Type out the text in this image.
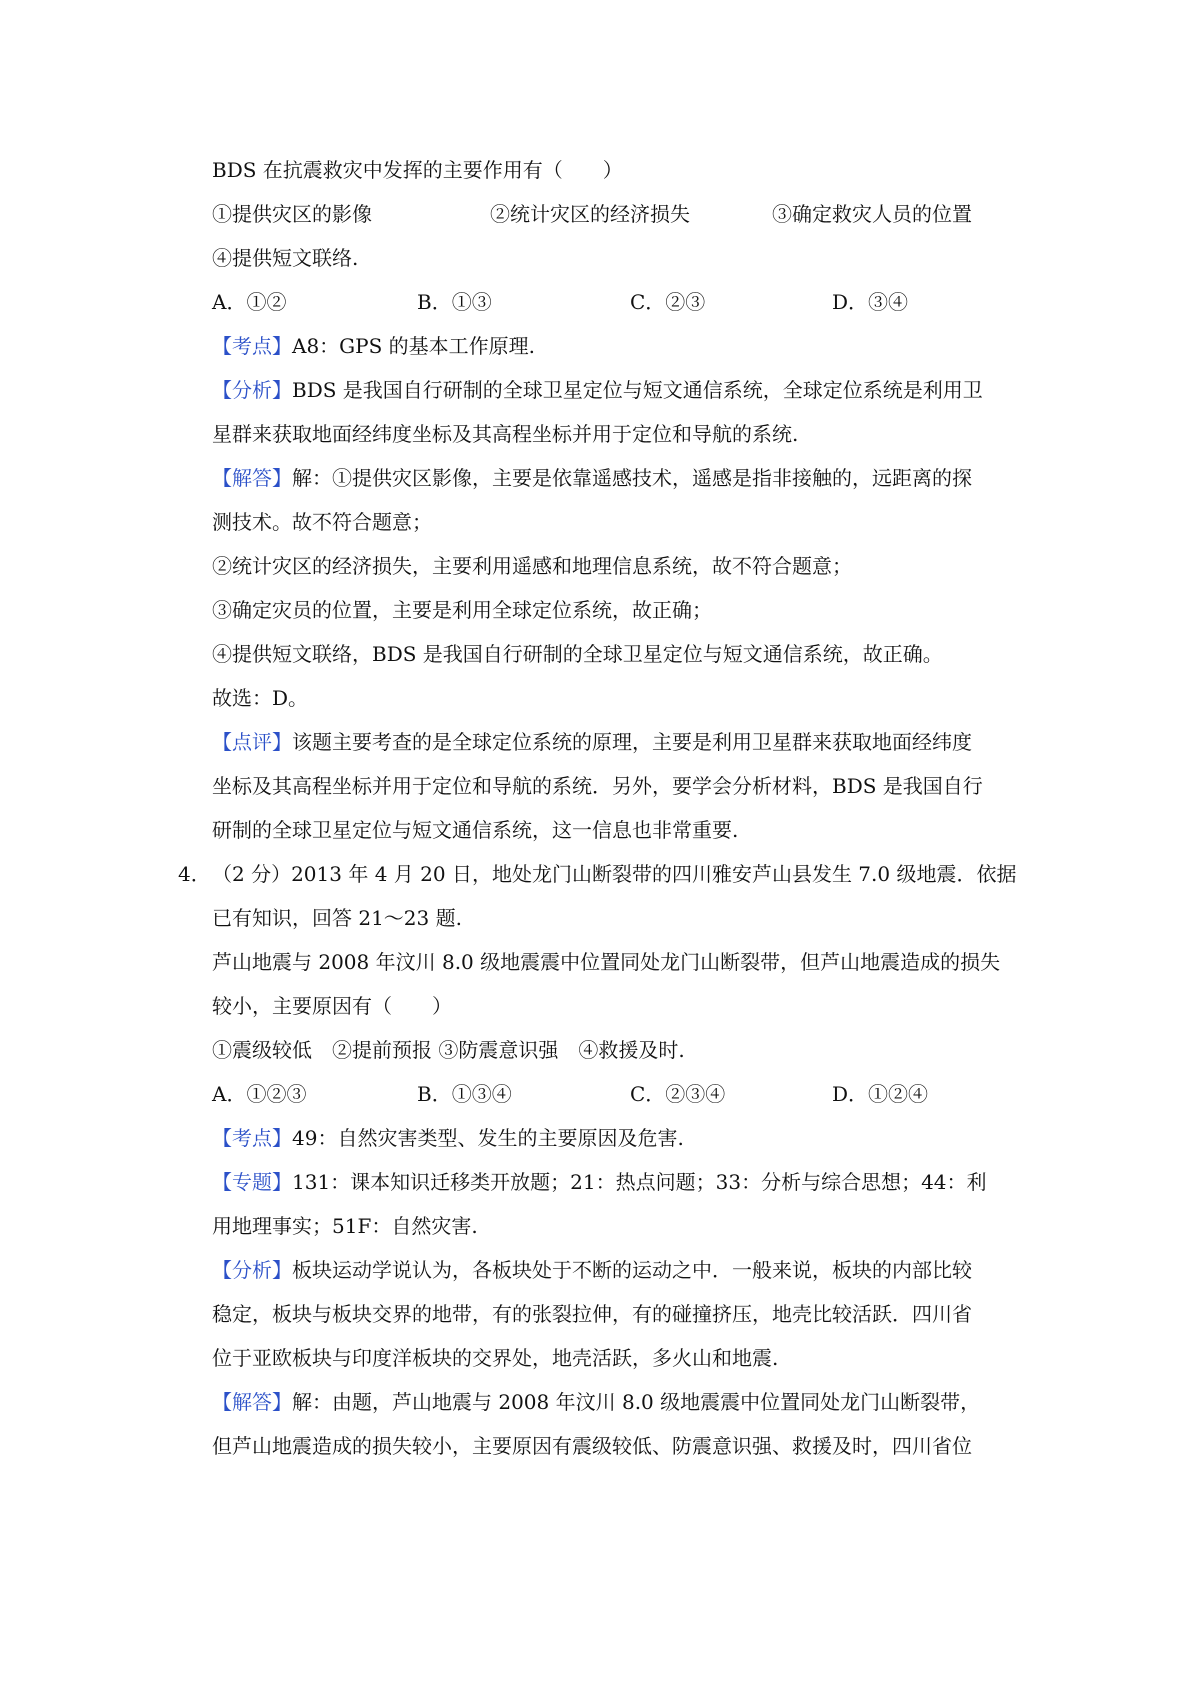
BDS 在抗震救灾中发挥的主要作用有（　　）
①提供灾区的影像	②统计灾区的经济损失	③确定救灾人员的位置
④提供短文联络.
A．①②	B．①③	C．②③	D．③④
【考点】A8：GPS 的基本工作原理.
【分析】BDS 是我国自行研制的全球卫星定位与短文通信系统，全球定位系统是利用卫
星群来获取地面经纬度坐标及其高程坐标并用于定位和导航的系统.
【解答】解：①提供灾区影像，主要是依靠遥感技术，遥感是指非接触的，远距离的探
测技术。故不符合题意；
②统计灾区的经济损失，主要利用遥感和地理信息系统，故不符合题意；
③确定灾员的位置，主要是利用全球定位系统，故正确；
④提供短文联络，BDS 是我国自行研制的全球卫星定位与短文通信系统，故正确。
故选：D。
【点评】该题主要考查的是全球定位系统的原理，主要是利用卫星群来获取地面经纬度
坐标及其高程坐标并用于定位和导航的系统．另外，要学会分析材料，BDS 是我国自行
研制的全球卫星定位与短文通信系统，这一信息也非常重要.
4． （2 分）2013 年 4 月 20 日，地处龙门山断裂带的四川雅安芦山县发生 7.0 级地震．依据
已有知识，回答 21～23 题.
芦山地震与 2008 年汶川 8.0 级地震震中位置同处龙门山断裂带，但芦山地震造成的损失
较小，主要原因有（　　）
①震级较低　②提前预报 ③防震意识强　④救援及时.
A．①②③	B．①③④	C．②③④	D．①②④
【考点】49：自然灾害类型、发生的主要原因及危害.
【专题】131：课本知识迁移类开放题；21：热点问题；33：分析与综合思想；44：利
用地理事实；51F：自然灾害.
【分析】板块运动学说认为，各板块处于不断的运动之中．一般来说，板块的内部比较
稳定，板块与板块交界的地带，有的张裂拉伸，有的碰撞挤压，地壳比较活跃．四川省
位于亚欧板块与印度洋板块的交界处，地壳活跃，多火山和地震.
【解答】解：由题，芦山地震与 2008 年汶川 8.0 级地震震中位置同处龙门山断裂带，
但芦山地震造成的损失较小，主要原因有震级较低、防震意识强、救援及时，四川省位
